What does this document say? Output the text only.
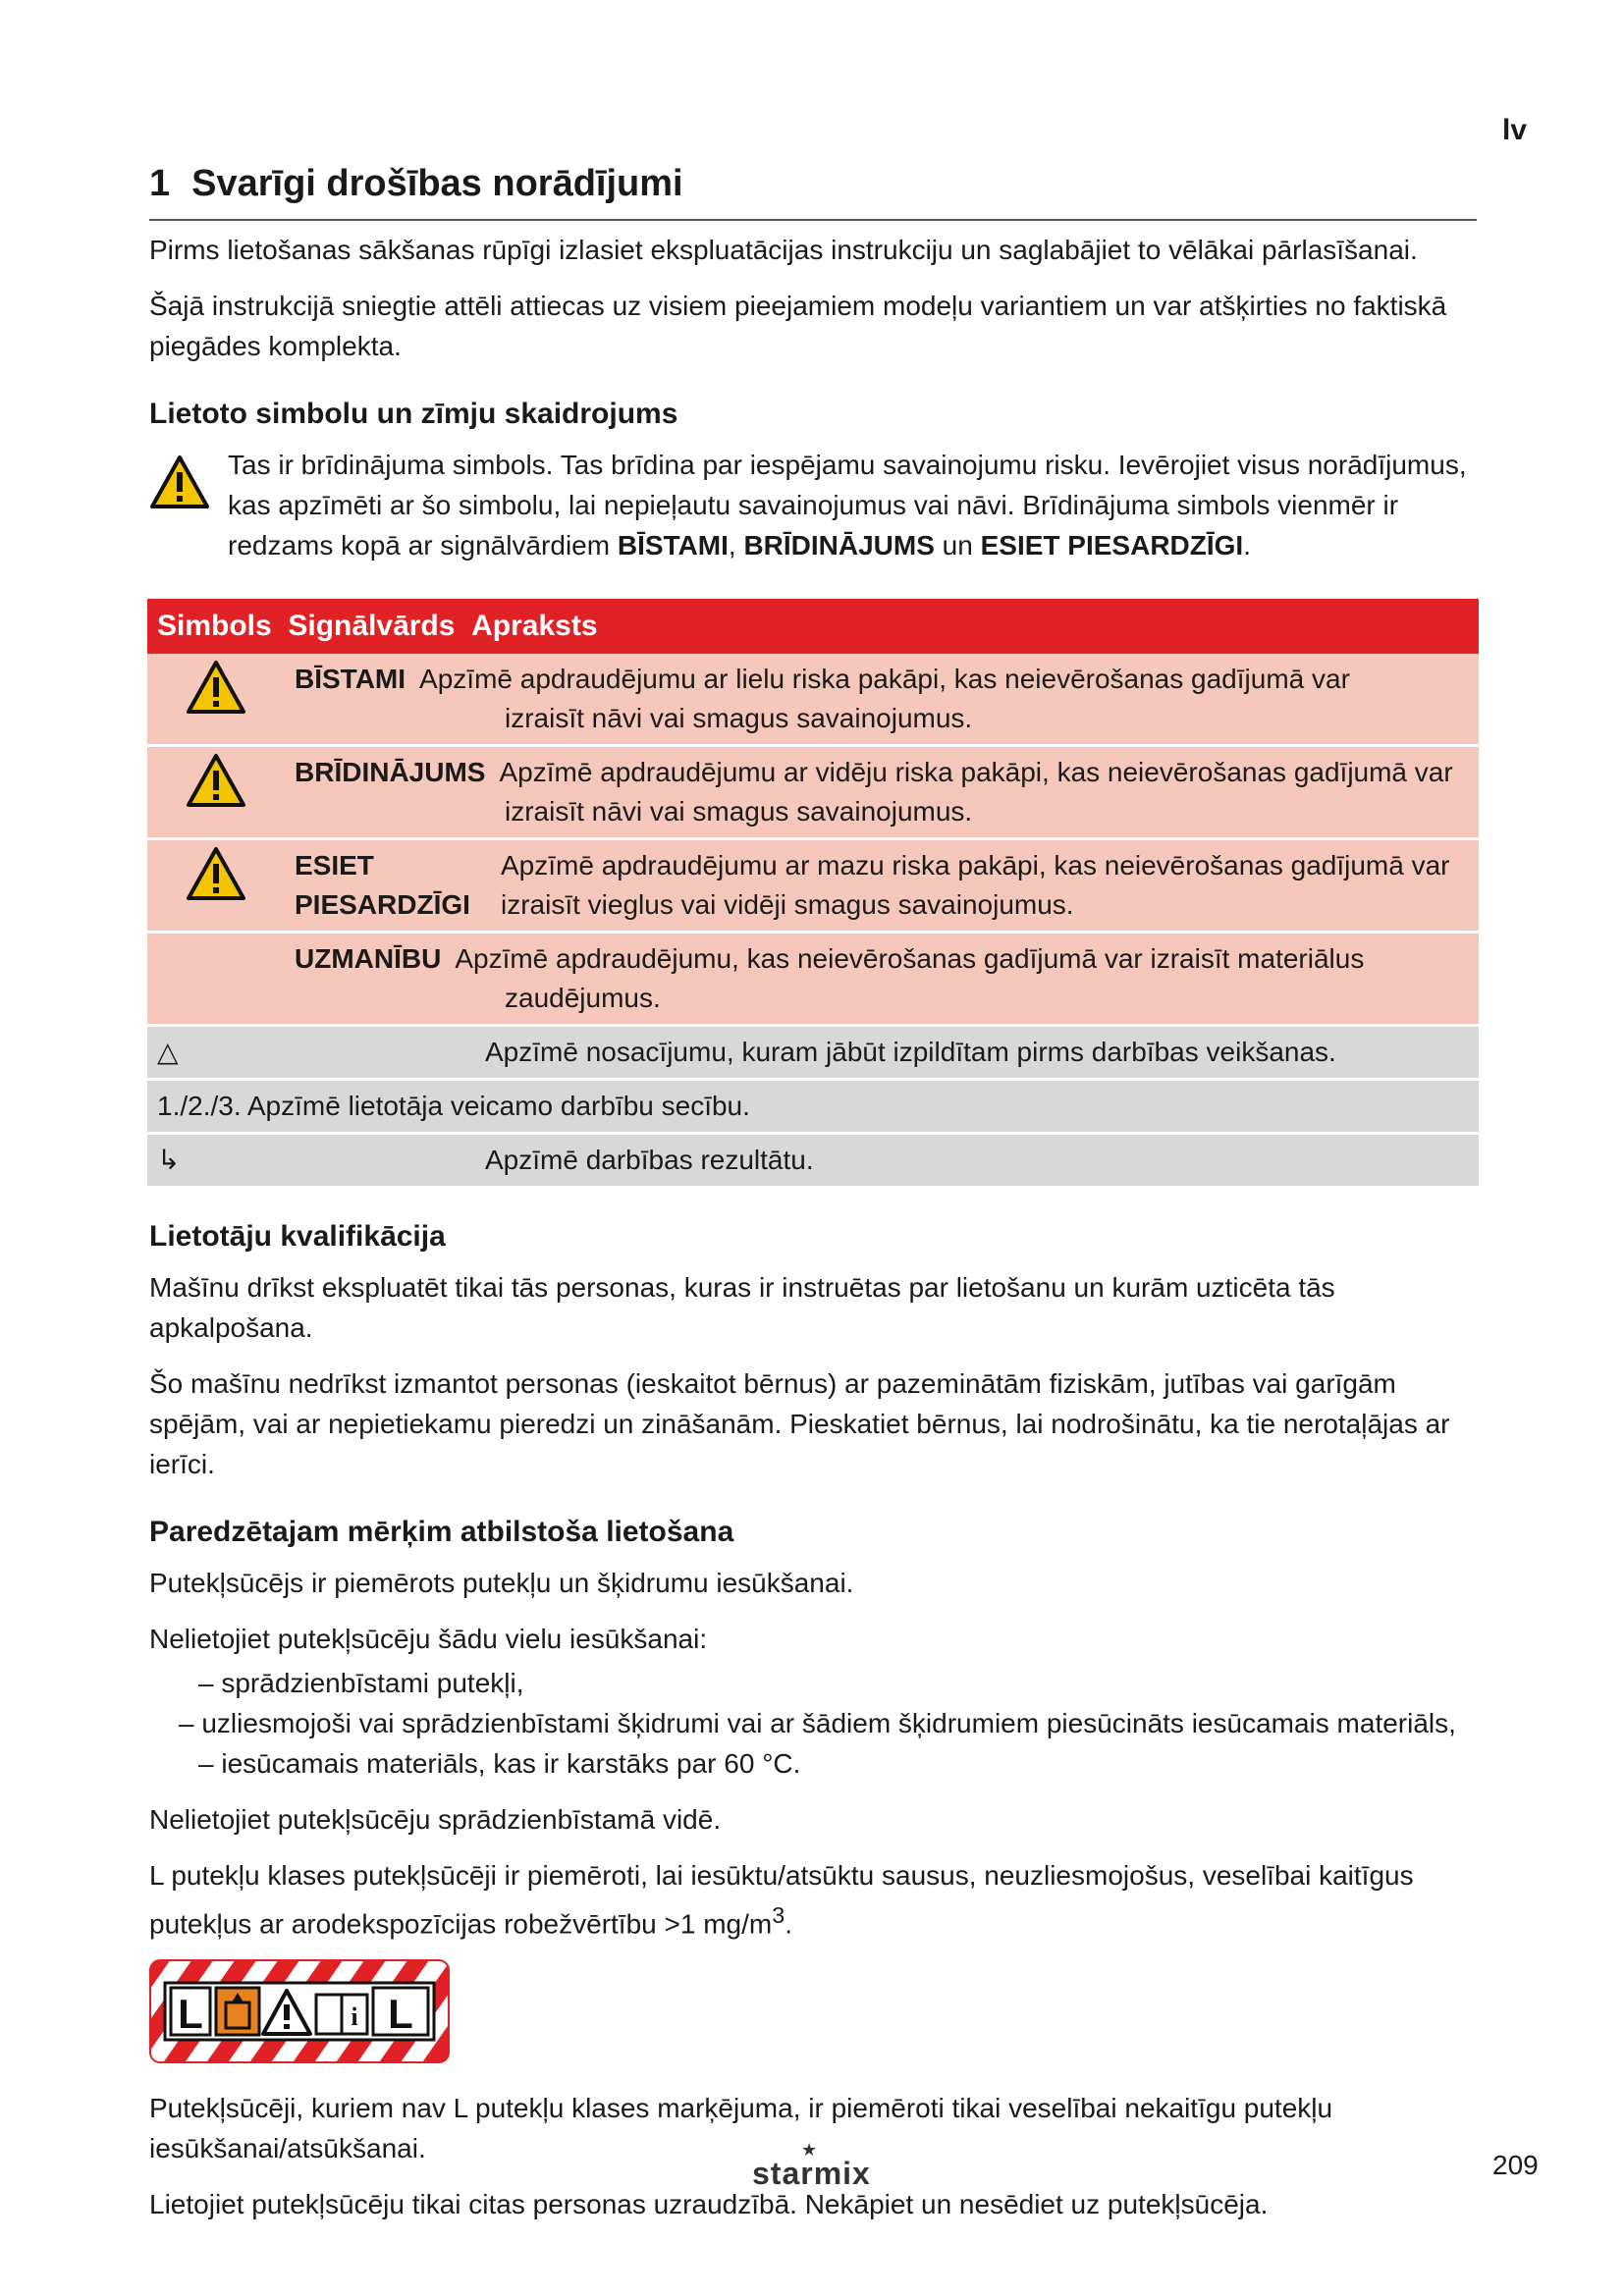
lv
1 Svarīgi drošības norādījumi

Pirms lietošanas sākšanas rūpīgi izlasiet ekspluatācijas instrukciju un saglabājiet to vēlākai pārlasīšanai.

Šajā instrukcijā sniegtie attēli attiecas uz visiem pieejamiem modeļu variantiem un var atšķirties no faktiskā piegādes komplekta.

Lietoto simbolu un zīmju skaidrojums
Tas ir brīdinājuma simbols. Tas brīdina par iespējamu savainojumu risku. Ievērojiet visus norādījumus, kas apzīmēti ar šo simbolu, lai nepieļautu savainojumus vai nāvi. Brīdinājuma simbols vienmēr ir redzams kopā ar signālvārdiem BĪSTAMI, BRĪDINĀJUMS un ESIET PIESARDZĪGI.
Simbols Signālvārds Apraksts		

BĪSTAMI Apzīmē apdraudējumu ar lielu riska pakāpi, kas neievērošanas gadījumā var
izraisīt nāvi vai smagus savainojumus.	

BRĪDINĀJUMS Apzīmē apdraudējumu ar vidēju riska pakāpi, kas neievērošanas gadījumā var
izraisīt nāvi vai smagus savainojumus.	

	ESIET
PIESARDZĪGI	Apzīmē apdraudējumu ar mazu riska pakāpi, kas neievērošanas gadījumā var
izraisīt vieglus vai vidēji smagus savainojumus.

	UZMANĪBU Apzīmē apdraudējumu, kas neievērošanas gadījumā var izraisīt materiālus
zaudējumus.	

△ Apzīmē nosacījumu, kuram jābūt izpildītam pirms darbības veikšanas.		
1./2./3. Apzīmē lietotāja veicamo darbību secību.		
↳ Apzīmē darbības rezultātu.		
Lietotāju kvalifikācija

Mašīnu drīkst ekspluatēt tikai tās personas, kuras ir instruētas par lietošanu un kurām uzticēta tās apkalpošana.

Šo mašīnu nedrīkst izmantot personas (ieskaitot bērnus) ar pazeminātām fiziskām, jutības vai garīgām spējām, vai ar nepietiekamu pieredzi un zināšanām. Pieskatiet bērnus, lai nodrošinātu, ka tie nerotaļājas ar ierīci.

Paredzētajam mērķim atbilstoša lietošana

Putekļsūcējs ir piemērots putekļu un šķidrumu iesūkšanai.

Nelietojiet putekļsūcēju šādu vielu iesūkšanai:

– sprādzienbīstami putekļi,
– uzliesmojoši vai sprādzienbīstami šķidrumi vai ar šādiem šķidrumiem piesūcināts iesūcamais materiāls,
– iesūcamais materiāls, kas ir karstāks par 60 °C.

Nelietojiet putekļsūcēju sprādzienbīstamā vidē.

L putekļu klases putekļsūcēji ir piemēroti, lai iesūktu/atsūktu sausus, neuzliesmojošus, veselībai kaitīgus putekļus ar arodekspozīcijas robežvērtību >1 $mg/m^3$.

L	i L

Putekļsūcēji, kuriem nav L putekļu klases marķējuma, ir piemēroti tikai veselībai nekaitīgu putekļu iesūkšanai/atsūkšanai.

Lietojiet putekļsūcēju tikai citas personas uzraudzībā. Nekāpiet un nesēdiet uz putekļsūcēja.

★
starmix	209
